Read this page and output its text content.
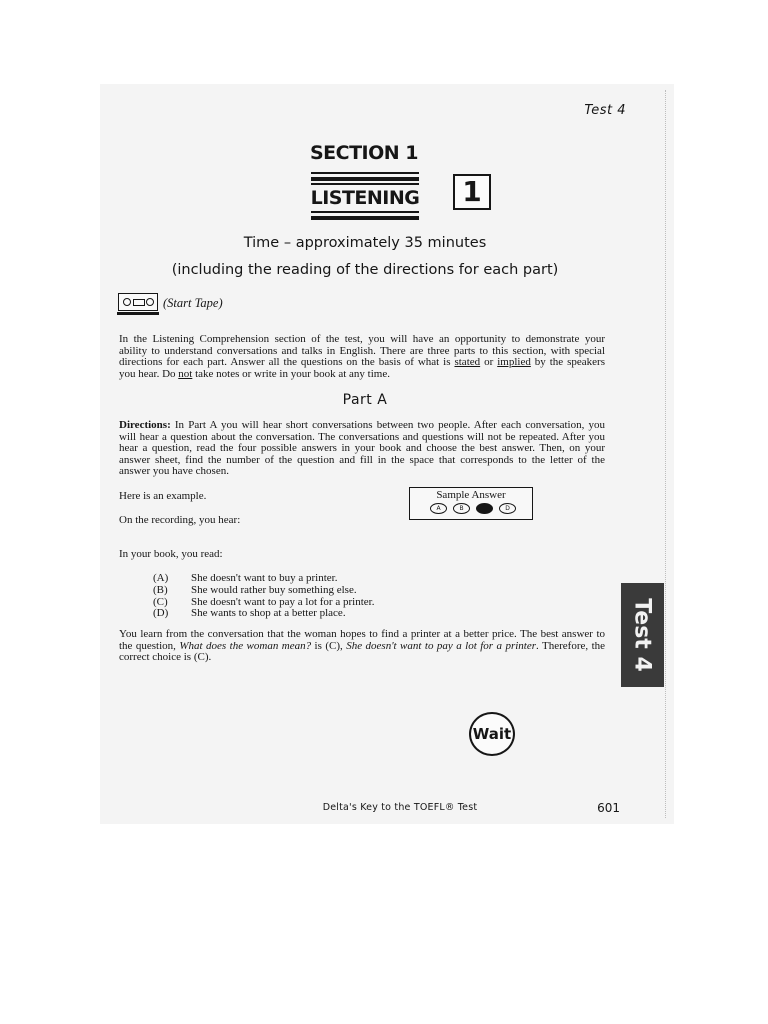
Test 4
SECTION 1
LISTENING	1
Time – approximately 35 minutes
(including the reading of the directions for each part)
(Start Tape)
In the Listening Comprehension section of the test, you will have an opportunity to demonstrate your
ability to understand conversations and talks in English. There are three parts to this section, with special
directions for each part. Answer all the questions on the basis of what is stated or implied by the speakers
you hear. Do not take notes or write in your book at any time.
Part A
Directions: In Part A you will hear short conversations between two people. After each conversation, you
will hear a question about the conversation. The conversations and questions will not be repeated. After you
hear a question, read the four possible answers in your book and choose the best answer. Then, on your
answer sheet, find the number of the question and fill in the space that corresponds to the letter of the
answer you have chosen.
Here is an example.
On the recording, you hear:
Sample Answer
A	B	C	D
In your book, you read:
(A) She doesn't want to buy a printer.
(B) She would rather buy something else.
(C) She doesn't want to pay a lot for a printer.
(D) She wants to shop at a better place.
You learn from the conversation that the woman hopes to find a printer at a better price. The best answer to
the question, What does the woman mean? is (C), She doesn't want to pay a lot for a printer. Therefore, the
correct choice is (C).	Test 4
Wait
Delta's Key to the TOEFL® Test	601
